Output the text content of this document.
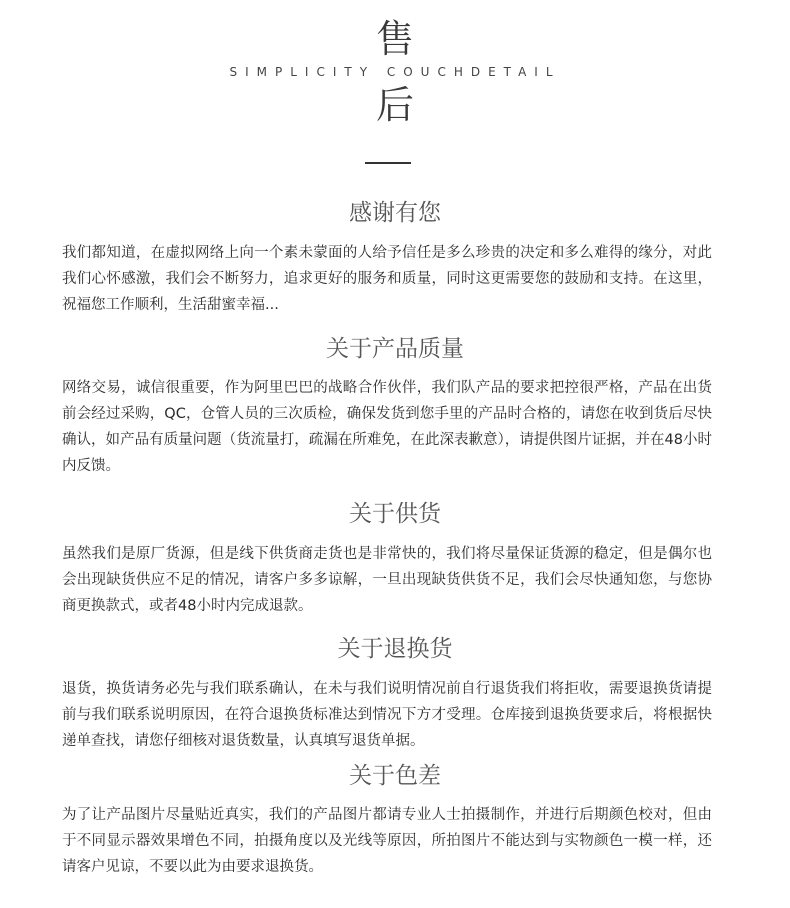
售
SIMPLICITY COUCHDETAIL
后
感谢有您
我们都知道，在虚拟网络上向一个素未蒙面的人给予信任是多么珍贵的决定和多么难得的缘分，对此我们心怀感激，我们会不断努力，追求更好的服务和质量，同时这更需要您的鼓励和支持。在这里，祝福您工作顺利，生活甜蜜幸福...
关于产品质量
网络交易，诚信很重要，作为阿里巴巴的战略合作伙伴，我们队产品的要求把控很严格，产品在出货前会经过采购，QC，仓管人员的三次质检，确保发货到您手里的产品时合格的，请您在收到货后尽快确认，如产品有质量问题（货流量打，疏漏在所难免，在此深表歉意），请提供图片证据，并在48小时内反馈。
关于供货
虽然我们是原厂货源，但是线下供货商走货也是非常快的，我们将尽量保证货源的稳定，但是偶尔也会出现缺货供应不足的情况，请客户多多谅解，一旦出现缺货供货不足，我们会尽快通知您，与您协商更换款式，或者48小时内完成退款。
关于退换货
退货，换货请务必先与我们联系确认，在未与我们说明情况前自行退货我们将拒收，需要退换货请提前与我们联系说明原因，在符合退换货标准达到情况下方才受理。仓库接到退换货要求后，将根据快递单查找，请您仔细核对退货数量，认真填写退货单据。
关于色差
为了让产品图片尽量贴近真实，我们的产品图片都请专业人士拍摄制作，并进行后期颜色校对，但由于不同显示器效果增色不同，拍摄角度以及光线等原因，所拍图片不能达到与实物颜色一模一样，还请客户见谅，不要以此为由要求退换货。
